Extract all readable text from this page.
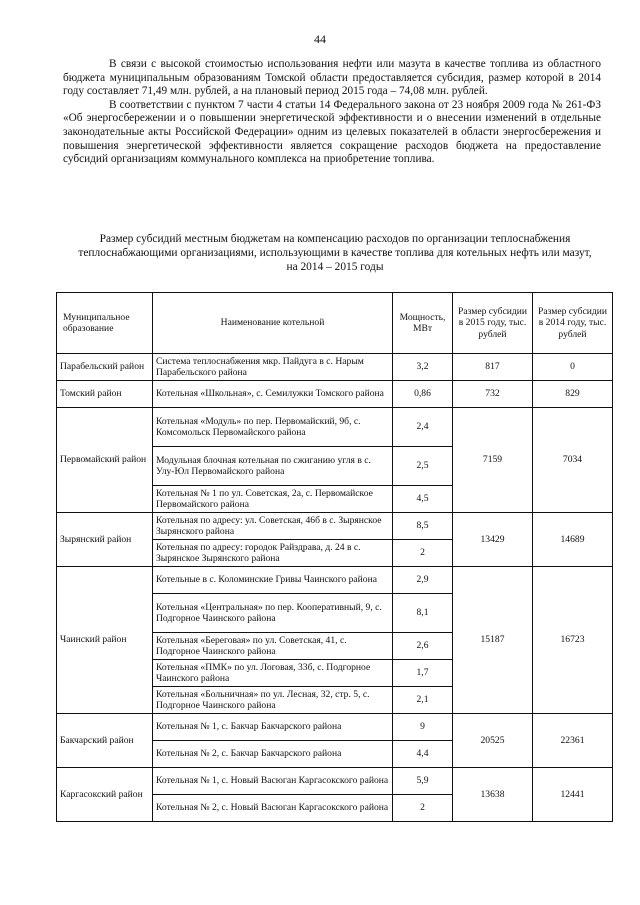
44

В связи с высокой стоимостью использования нефти или мазута в качестве топлива из областного бюджета муниципальным образованиям Томской области предоставляется субсидия, размер которой в 2014 году составляет 71,49 млн. рублей, а на плановый период 2015 года – 74,08 млн. рублей.

В соответствии с пунктом 7 части 4 статьи 14 Федерального закона от 23 ноября 2009 года № 261-ФЗ «Об энергосбережении и о повышении энергетической эффективности и о внесении изменений в отдельные законодательные акты Российской Федерации» одним из целевых показателей в области энергосбережения и повышения энергетической эффективности является сокращение расходов бюджета на предоставление субсидий организациям коммунального комплекса на приобретение топлива.

Размер субсидий местным бюджетам на компенсацию расходов по организации теплоснабжения теплоснабжающими организациями, использующими в качестве топлива для котельных нефть или мазут, на 2014 – 2015 годы
Муниципальное образование	Наименование котельной	Мощность, МВт	Размер субсидии в 2015 году, тыс. рублей	Размер субсидии в 2014 году, тыс. рублей
Парабельский район	Система теплоснабжения мкр. Пайдуга в с. Нарым Парабельского района	3,2	817	0
Томский район	Котельная «Школьная», с. Семилужки Томского района	0,86	732	829
Первомайский район	Котельная «Модуль» по пер. Первомайский, 9б, с. Комсомольск Первомайского района	2,4	7159	7034
	Модульная блочная котельная по сжиганию угля в с. Улу-Юл Первомайского района	2,5		
	Котельная № 1 по ул. Советская, 2а, с. Первомайское Первомайского района	4,5		
Зырянский район	Котельная по адресу: ул. Советская, 46б в с. Зырянское Зырянского района	8,5	13429	14689
	Котельная по адресу: городок Райздрава, д. 24 в с. Зырянское Зырянского района	2		
Чаинский район	Котельные в с. Коломинские Гривы Чаинского района	2,9	15187	16723
	Котельная «Центральная» по пер. Кооперативный, 9, с. Подгорное Чаинского района	8,1		
	Котельная «Береговая» по ул. Советская, 41, с. Подгорное Чаинского района	2,6		
	Котельная «ПМК» по ул. Логовая, 33б, с. Подгорное Чаинского района	1,7		
	Котельная «Больничная» по ул. Лесная, 32, стр. 5, с. Подгорное Чаинского района	2,1		
Бакчарский район	Котельная № 1, с. Бакчар Бакчарского района	9	20525	22361
	Котельная № 2, с. Бакчар Бакчарского района	4,4		
Каргасокский район	Котельная № 1, с. Новый Васюган Каргасокского района	5,9	13638	12441
	Котельная № 2, с. Новый Васюган Каргасокского района	2		
